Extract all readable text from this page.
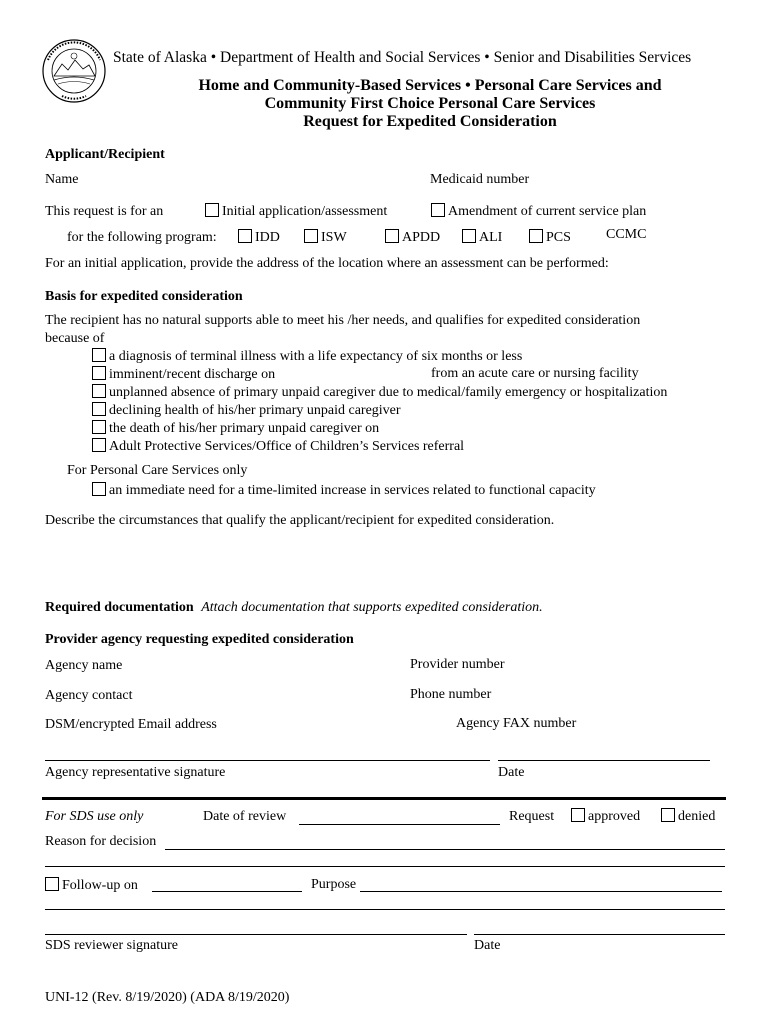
State of Alaska • Department of Health and Social Services • Senior and Disabilities Services
Home and Community-Based Services • Personal Care Services and
Community First Choice Personal Care Services
Request for Expedited Consideration
Applicant/Recipient
Name	Medicaid number
This request is for an	Initial application/assessment	Amendment of current service plan
for the following program:	IDD	ISW	APDD	ALI	PCS	CCMC
For an initial application, provide the address of the location where an assessment can be performed:
Basis for expedited consideration
The recipient has no natural supports able to meet his /her needs, and qualifies for expedited consideration
because of
a diagnosis of terminal illness with a life expectancy of six months or less
imminent/recent discharge on	from an acute care or nursing facility
unplanned absence of primary unpaid caregiver due to medical/family emergency or hospitalization
declining health of his/her primary unpaid caregiver
the death of his/her primary unpaid caregiver on
Adult Protective Services/Office of Children’s Services referral
For Personal Care Services only
an immediate need for a time-limited increase in services related to functional capacity
Describe the circumstances that qualify the applicant/recipient for expedited consideration.
Required documentation Attach documentation that supports expedited consideration.
Provider agency requesting expedited consideration
Agency name	Provider number
Agency contact	Phone number
DSM/encrypted Email address	Agency FAX number
Agency representative signature	Date
For SDS use only	Date of review	Request	approved	denied
Reason for decision
Follow-up on	Purpose
SDS reviewer signature	Date
UNI-12 (Rev. 8/19/2020) (ADA 8/19/2020)
